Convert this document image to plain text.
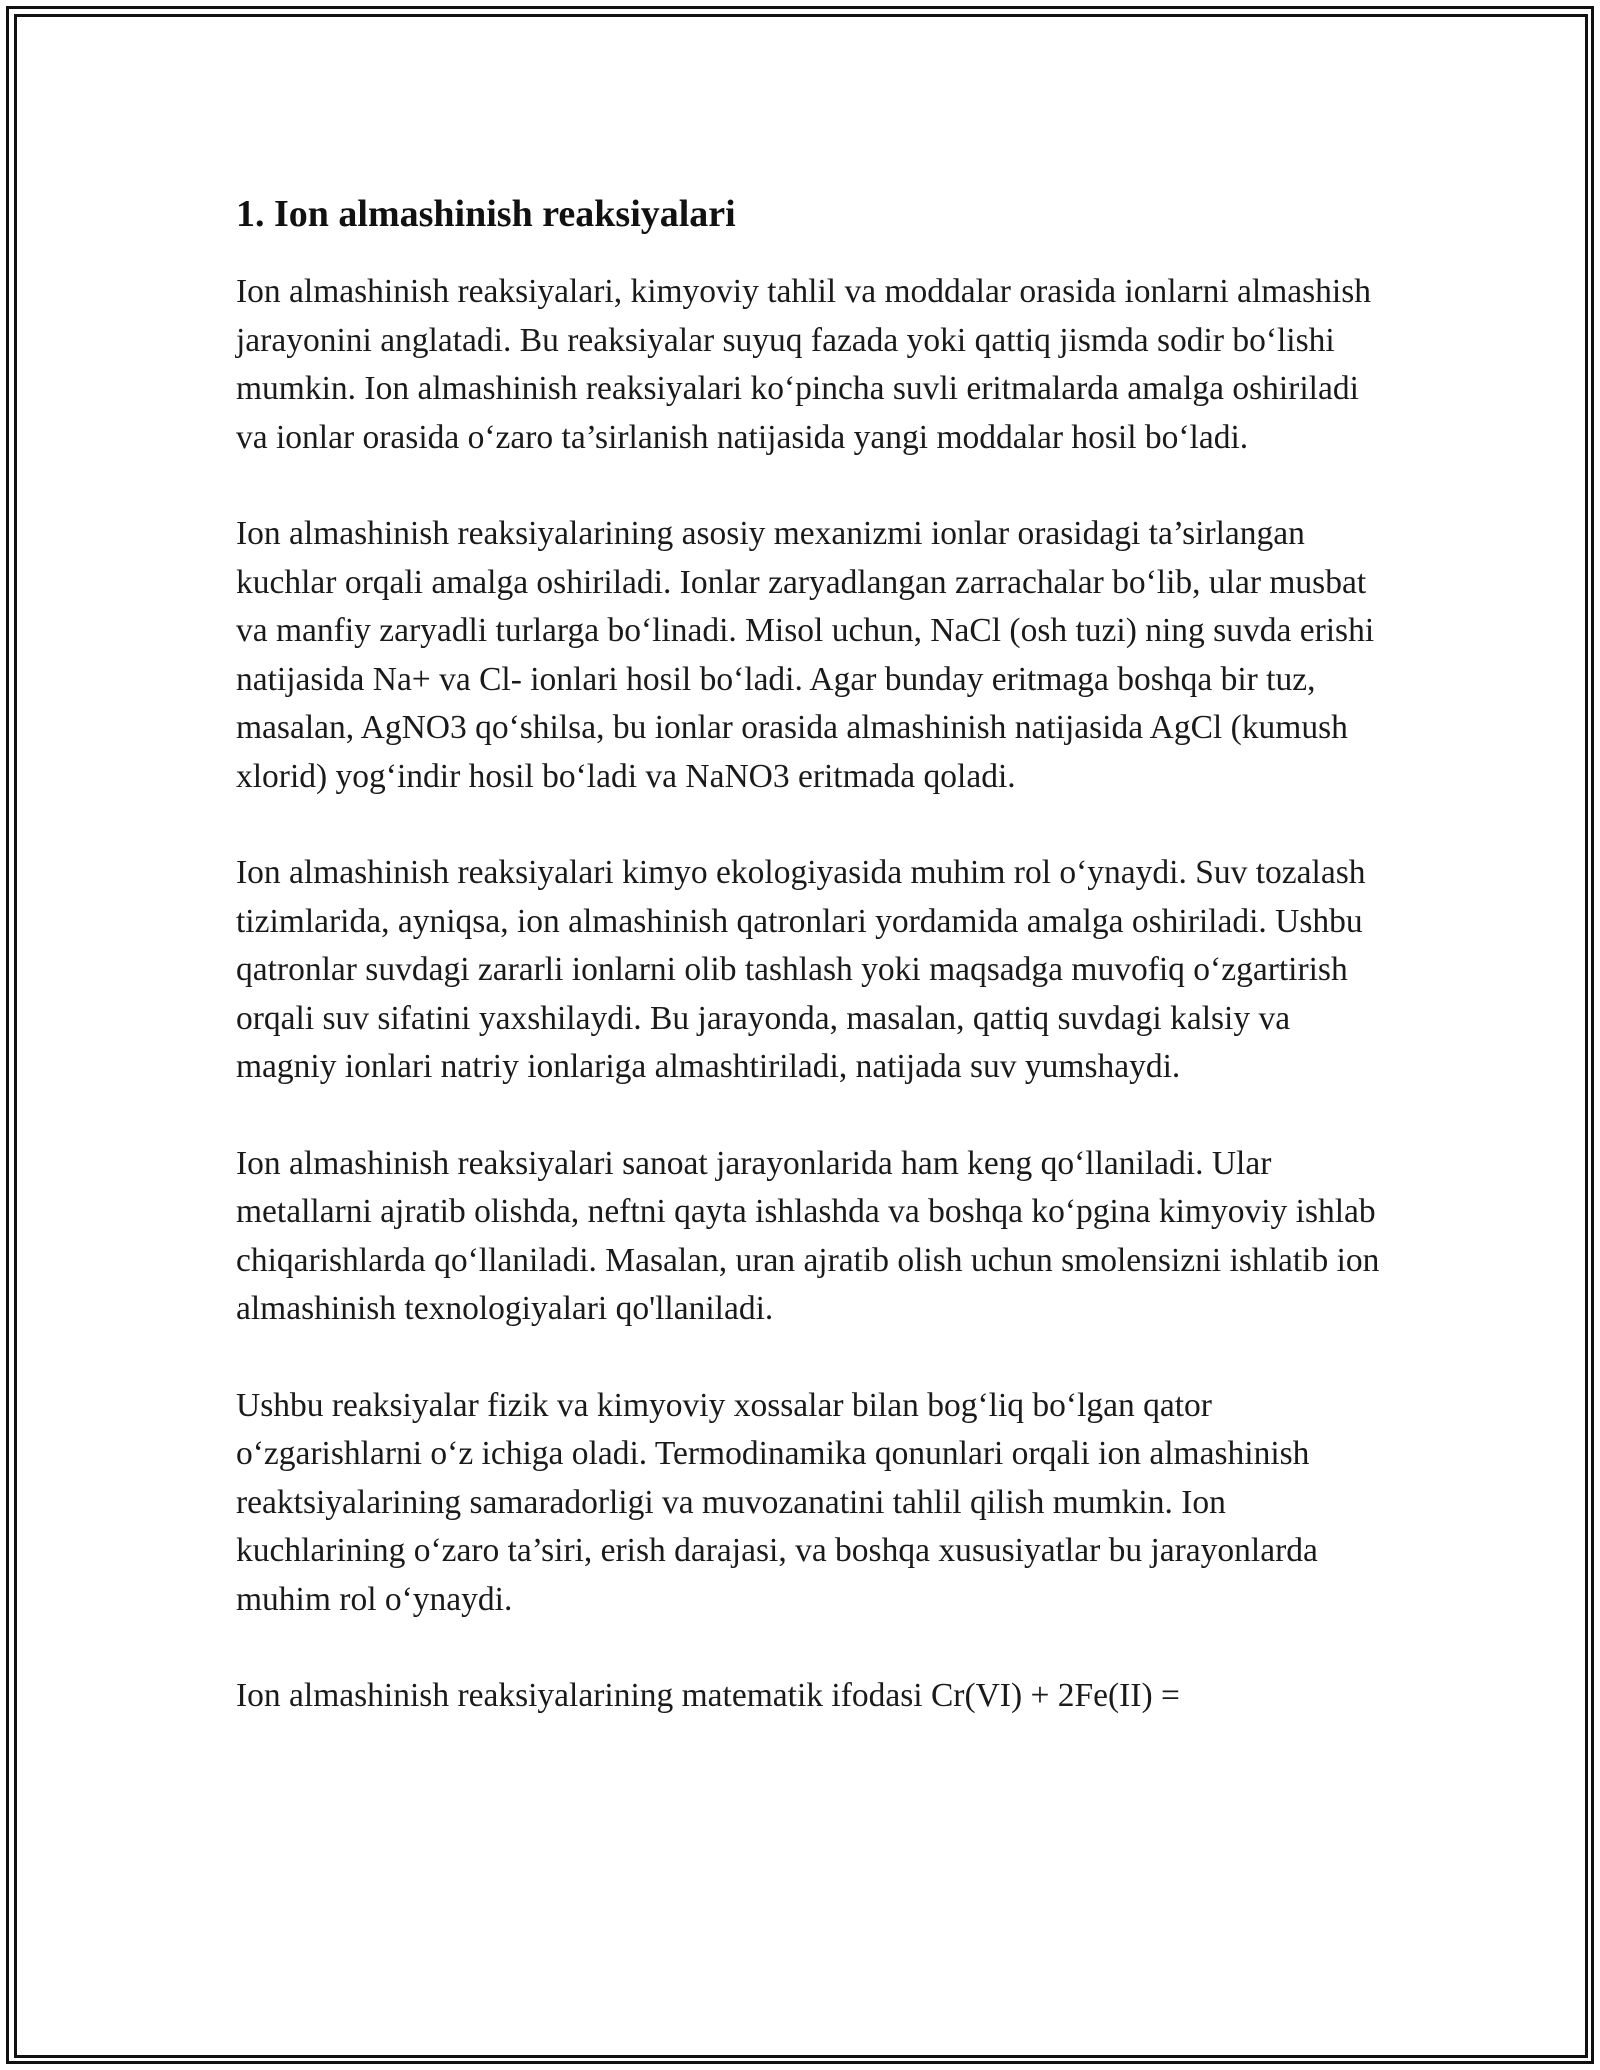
1. Ion almashinish reaksiyalari

Ion almashinish reaksiyalari, kimyoviy tahlil va moddalar orasida ionlarni almashish jarayonini anglatadi. Bu reaksiyalar suyuq fazada yoki qattiq jismda sodir bo‘lishi mumkin. Ion almashinish reaksiyalari ko‘pincha suvli eritmalarda amalga oshiriladi va ionlar orasida o‘zaro ta’sirlanish natijasida yangi moddalar hosil bo‘ladi.

Ion almashinish reaksiyalarining asosiy mexanizmi ionlar orasidagi ta’sirlangan kuchlar orqali amalga oshiriladi. Ionlar zaryadlangan zarrachalar bo‘lib, ular musbat va manfiy zaryadli turlarga bo‘linadi. Misol uchun, NaCl (osh tuzi) ning suvda erishi natijasida Na+ va Cl- ionlari hosil bo‘ladi. Agar bunday eritmaga boshqa bir tuz, masalan, AgNO3 qo‘shilsa, bu ionlar orasida almashinish natijasida AgCl (kumush xlorid) yog‘indir hosil bo‘ladi va NaNO3 eritmada qoladi.

Ion almashinish reaksiyalari kimyo ekologiyasida muhim rol o‘ynaydi. Suv tozalash tizimlarida, ayniqsa, ion almashinish qatronlari yordamida amalga oshiriladi. Ushbu qatronlar suvdagi zararli ionlarni olib tashlash yoki maqsadga muvofiq o‘zgartirish orqali suv sifatini yaxshilaydi. Bu jarayonda, masalan, qattiq suvdagi kalsiy va magniy ionlari natriy ionlariga almashtiriladi, natijada suv yumshaydi.

Ion almashinish reaksiyalari sanoat jarayonlarida ham keng qo‘llaniladi. Ular metallarni ajratib olishda, neftni qayta ishlashda va boshqa ko‘pgina kimyoviy ishlab chiqarishlarda qo‘llaniladi. Masalan, uran ajratib olish uchun smolensizni ishlatib ion almashinish texnologiyalari qo'llaniladi.

Ushbu reaksiyalar fizik va kimyoviy xossalar bilan bog‘liq bo‘lgan qator o‘zgarishlarni o‘z ichiga oladi. Termodinamika qonunlari orqali ion almashinish reaktsiyalarining samaradorligi va muvozanatini tahlil qilish mumkin. Ion kuchlarining o‘zaro ta’siri, erish darajasi, va boshqa xususiyatlar bu jarayonlarda muhim rol o‘ynaydi.

Ion almashinish reaksiyalarining matematik ifodasi Cr(VI) + 2Fe(II) =
